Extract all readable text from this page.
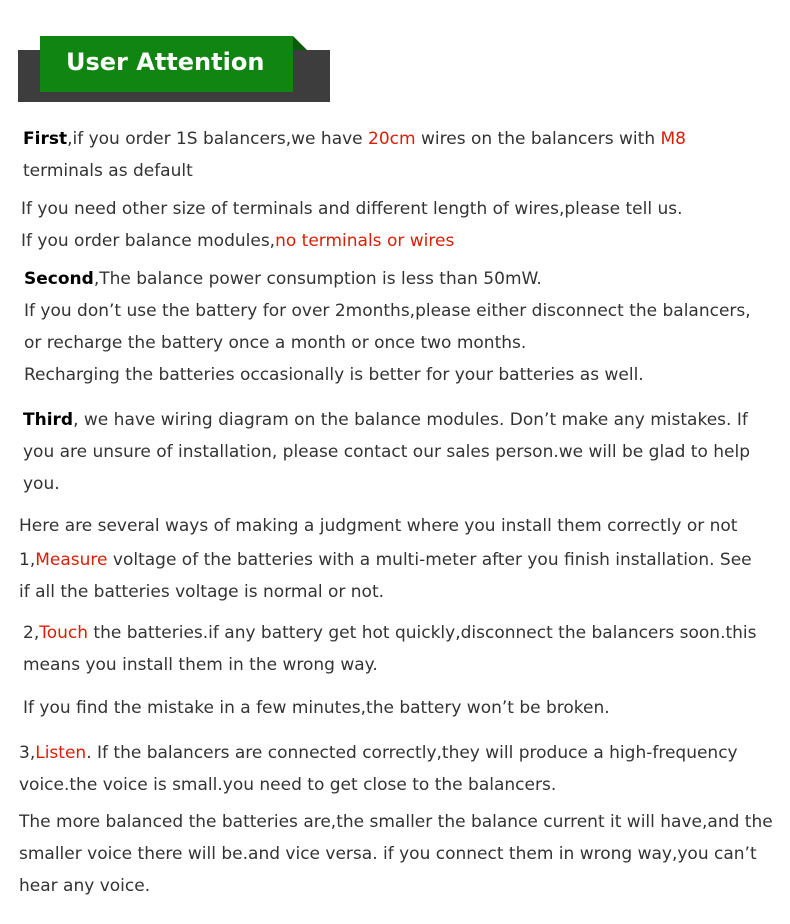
User Attention

First,if you order 1S balancers,we have 20cm wires on the balancers with M8
terminals as default

If you need other size of terminals and different length of wires,please tell us.
If you order balance modules,no terminals or wires

Second,The balance power consumption is less than 50mW.
If you don’t use the battery for over 2months,please either disconnect the balancers,
or recharge the battery once a month or once two months.
Recharging the batteries occasionally is better for your batteries as well.

Third, we have wiring diagram on the balance modules. Don’t make any mistakes. If
you are unsure of installation, please contact our sales person.we will be glad to help
you.

Here are several ways of making a judgment where you install them correctly or not

1,Measure voltage of the batteries with a multi-meter after you finish installation. See
if all the batteries voltage is normal or not.

2,Touch the batteries.if any battery get hot quickly,disconnect the balancers soon.this
means you install them in the wrong way.

If you find the mistake in a few minutes,the battery won’t be broken.

3,Listen. If the balancers are connected correctly,they will produce a high-frequency
voice.the voice is small.you need to get close to the balancers.

The more balanced the batteries are,the smaller the balance current it will have,and the
smaller voice there will be.and vice versa. if you connect them in wrong way,you can’t
hear any voice.
